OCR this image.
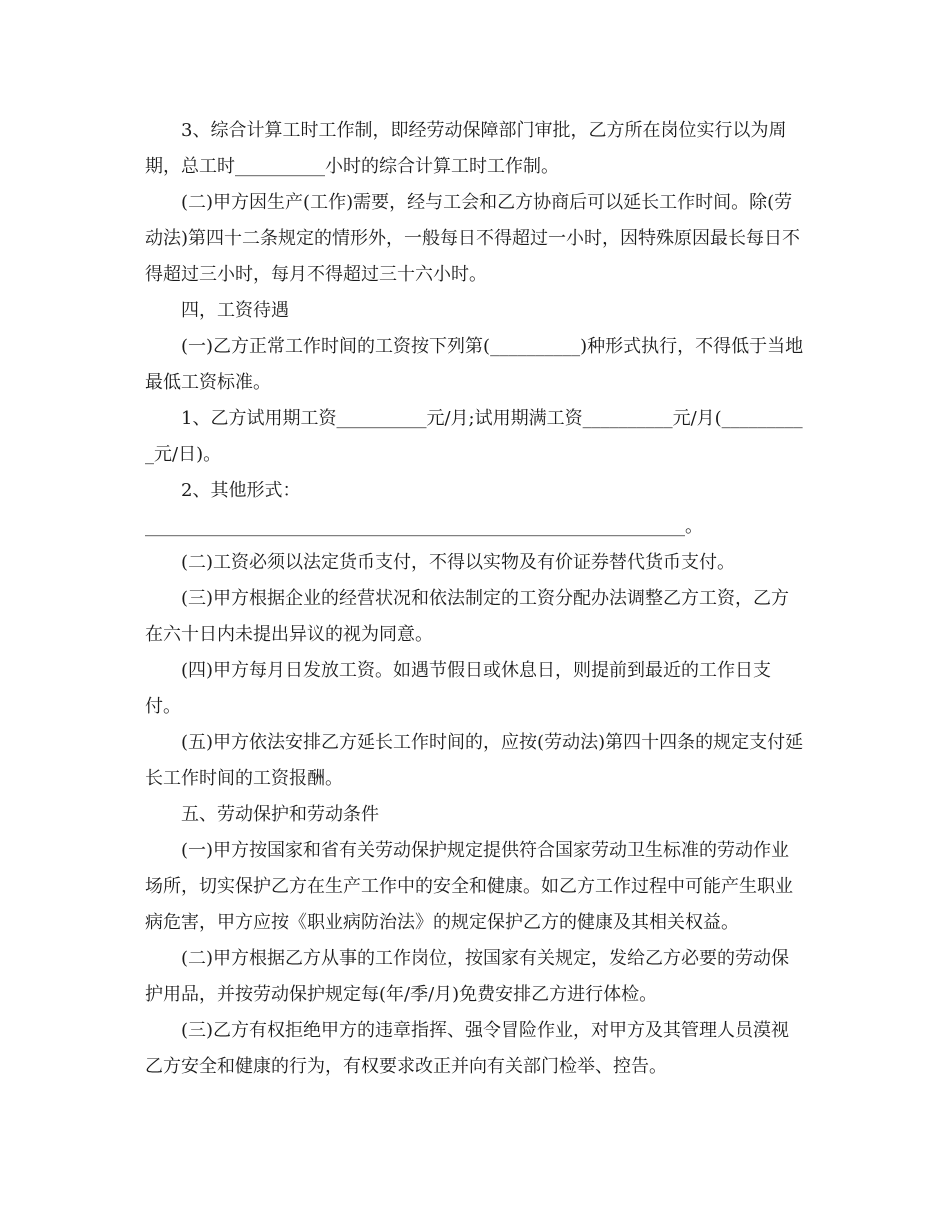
3、综合计算工时工作制，即经劳动保障部门审批，乙方所在岗位实行以为周期，总工时__________小时的综合计算工时工作制。

(二)甲方因生产(工作)需要，经与工会和乙方协商后可以延长工作时间。除(劳动法)第四十二条规定的情形外，一般每日不得超过一小时，因特殊原因最长每日不得超过三小时，每月不得超过三十六小时。

四，工资待遇

(一)乙方正常工作时间的工资按下列第(__________)种形式执行，不得低于当地最低工资标准。

1、乙方试用期工资__________元/月;试用期满工资__________元/月(__________元/日)。

2、其他形式：

____________________________________________________________。

(二)工资必须以法定货币支付，不得以实物及有价证券替代货币支付。

(三)甲方根据企业的经营状况和依法制定的工资分配办法调整乙方工资，乙方在六十日内未提出异议的视为同意。

(四)甲方每月日发放工资。如遇节假日或休息日，则提前到最近的工作日支付。

(五)甲方依法安排乙方延长工作时间的，应按(劳动法)第四十四条的规定支付延长工作时间的工资报酬。

五、劳动保护和劳动条件

(一)甲方按国家和省有关劳动保护规定提供符合国家劳动卫生标准的劳动作业场所，切实保护乙方在生产工作中的安全和健康。如乙方工作过程中可能产生职业病危害，甲方应按《职业病防治法》的规定保护乙方的健康及其相关权益。

(二)甲方根据乙方从事的工作岗位，按国家有关规定，发给乙方必要的劳动保护用品，并按劳动保护规定每(年/季/月)免费安排乙方进行体检。

(三)乙方有权拒绝甲方的违章指挥、强令冒险作业，对甲方及其管理人员漠视乙方安全和健康的行为，有权要求改正并向有关部门检举、控告。
